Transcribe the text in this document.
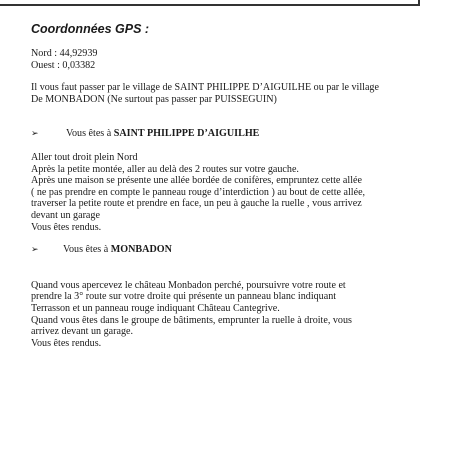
Coordonnées GPS :
Nord : 44,92939
Ouest : 0,03382
Il vous faut passer par le village de SAINT PHILIPPE D’AIGUILHE ou par le village
De MONBADON (Ne surtout pas passer par PUISSEGUIN)
➢	Vous êtes à SAINT PHILIPPE D’AIGUILHE
Aller tout droit plein Nord
Après la petite montée, aller au delà des 2 routes sur votre gauche.
Après une maison se présente une allée bordée de conifères, empruntez cette allée
( ne pas prendre en compte le panneau rouge d’interdiction ) au bout de cette allée,
traverser la petite route et prendre en face, un peu à gauche la ruelle , vous arrivez
devant un garage
Vous êtes rendus.
➢	Vous êtes à MONBADON
Quand vous apercevez le château Monbadon perché, poursuivre votre route et
prendre la 3° route sur votre droite qui présente un panneau blanc indiquant
Terrasson et un panneau rouge indiquant Château Cantegrive.
Quand vous êtes dans le groupe de bâtiments, emprunter la ruelle à droite, vous
arrivez devant un garage.
Vous êtes rendus.
